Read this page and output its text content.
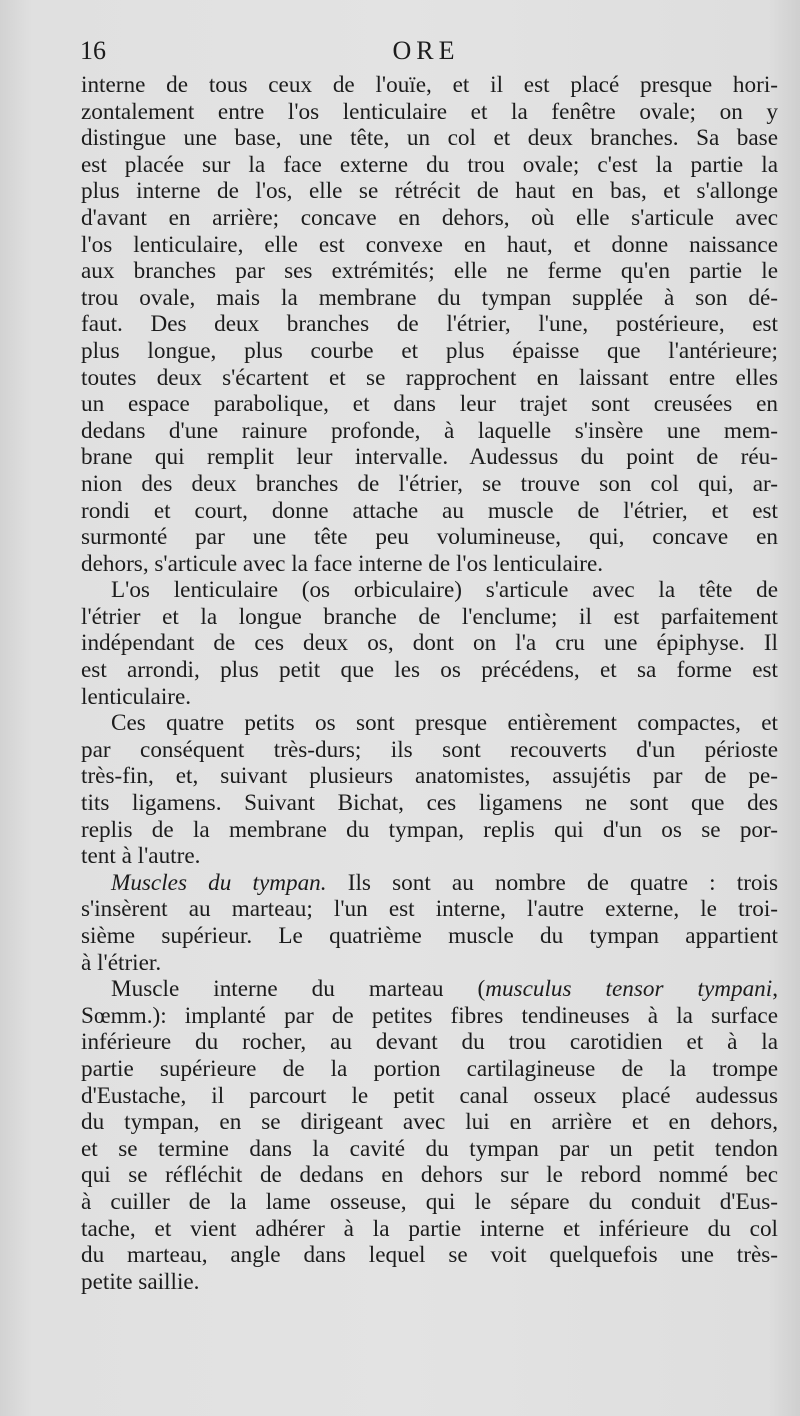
16	ORE
interne de tous ceux de l'ouïe, et il est placé presque hori-
zontalement entre l'os lenticulaire et la fenêtre ovale; on y
distingue une base, une tête, un col et deux branches. Sa base
est placée sur la face externe du trou ovale; c'est la partie la
plus interne de l'os, elle se rétrécit de haut en bas, et s'allonge
d'avant en arrière; concave en dehors, où elle s'articule avec
l'os lenticulaire, elle est convexe en haut, et donne naissance
aux branches par ses extrémités; elle ne ferme qu'en partie le
trou ovale, mais la membrane du tympan supplée à son dé-
faut. Des deux branches de l'étrier, l'une, postérieure, est
plus longue, plus courbe et plus épaisse que l'antérieure;
toutes deux s'écartent et se rapprochent en laissant entre elles
un espace parabolique, et dans leur trajet sont creusées en
dedans d'une rainure profonde, à laquelle s'insère une mem-
brane qui remplit leur intervalle. Audessus du point de réu-
nion des deux branches de l'étrier, se trouve son col qui, ar-
rondi et court, donne attache au muscle de l'étrier, et est
surmonté par une tête peu volumineuse, qui, concave en
dehors, s'articule avec la face interne de l'os lenticulaire.
L'os lenticulaire (os orbiculaire) s'articule avec la tête de
l'étrier et la longue branche de l'enclume; il est parfaitement
indépendant de ces deux os, dont on l'a cru une épiphyse. Il
est arrondi, plus petit que les os précédens, et sa forme est
lenticulaire.
Ces quatre petits os sont presque entièrement compactes, et
par conséquent très-durs; ils sont recouverts d'un périoste
très-fin, et, suivant plusieurs anatomistes, assujétis par de pe-
tits ligamens. Suivant Bichat, ces ligamens ne sont que des
replis de la membrane du tympan, replis qui d'un os se por-
tent à l'autre.
Muscles du tympan. Ils sont au nombre de quatre : trois
s'insèrent au marteau; l'un est interne, l'autre externe, le troi-
sième supérieur. Le quatrième muscle du tympan appartient
à l'étrier.
Muscle interne du marteau (musculus tensor tympani,
Sœmm.): implanté par de petites fibres tendineuses à la surface
inférieure du rocher, au devant du trou carotidien et à la
partie supérieure de la portion cartilagineuse de la trompe
d'Eustache, il parcourt le petit canal osseux placé audessus
du tympan, en se dirigeant avec lui en arrière et en dehors,
et se termine dans la cavité du tympan par un petit tendon
qui se réfléchit de dedans en dehors sur le rebord nommé bec
à cuiller de la lame osseuse, qui le sépare du conduit d'Eus-
tache, et vient adhérer à la partie interne et inférieure du col
du marteau, angle dans lequel se voit quelquefois une très-
petite saillie.
